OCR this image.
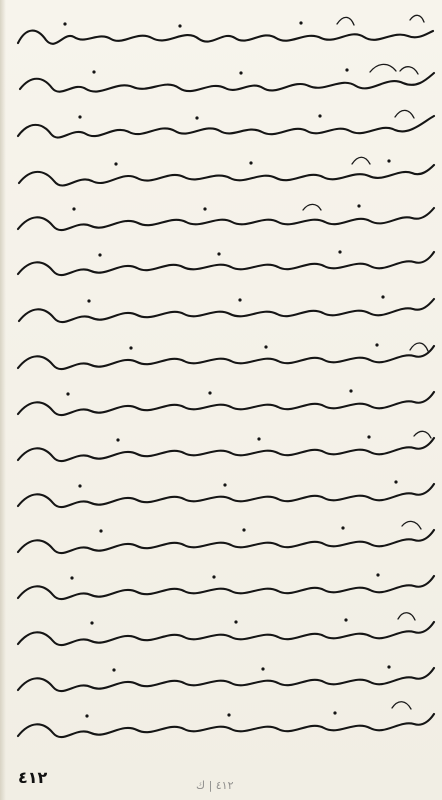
٤١٢	٤١٢ | ك
